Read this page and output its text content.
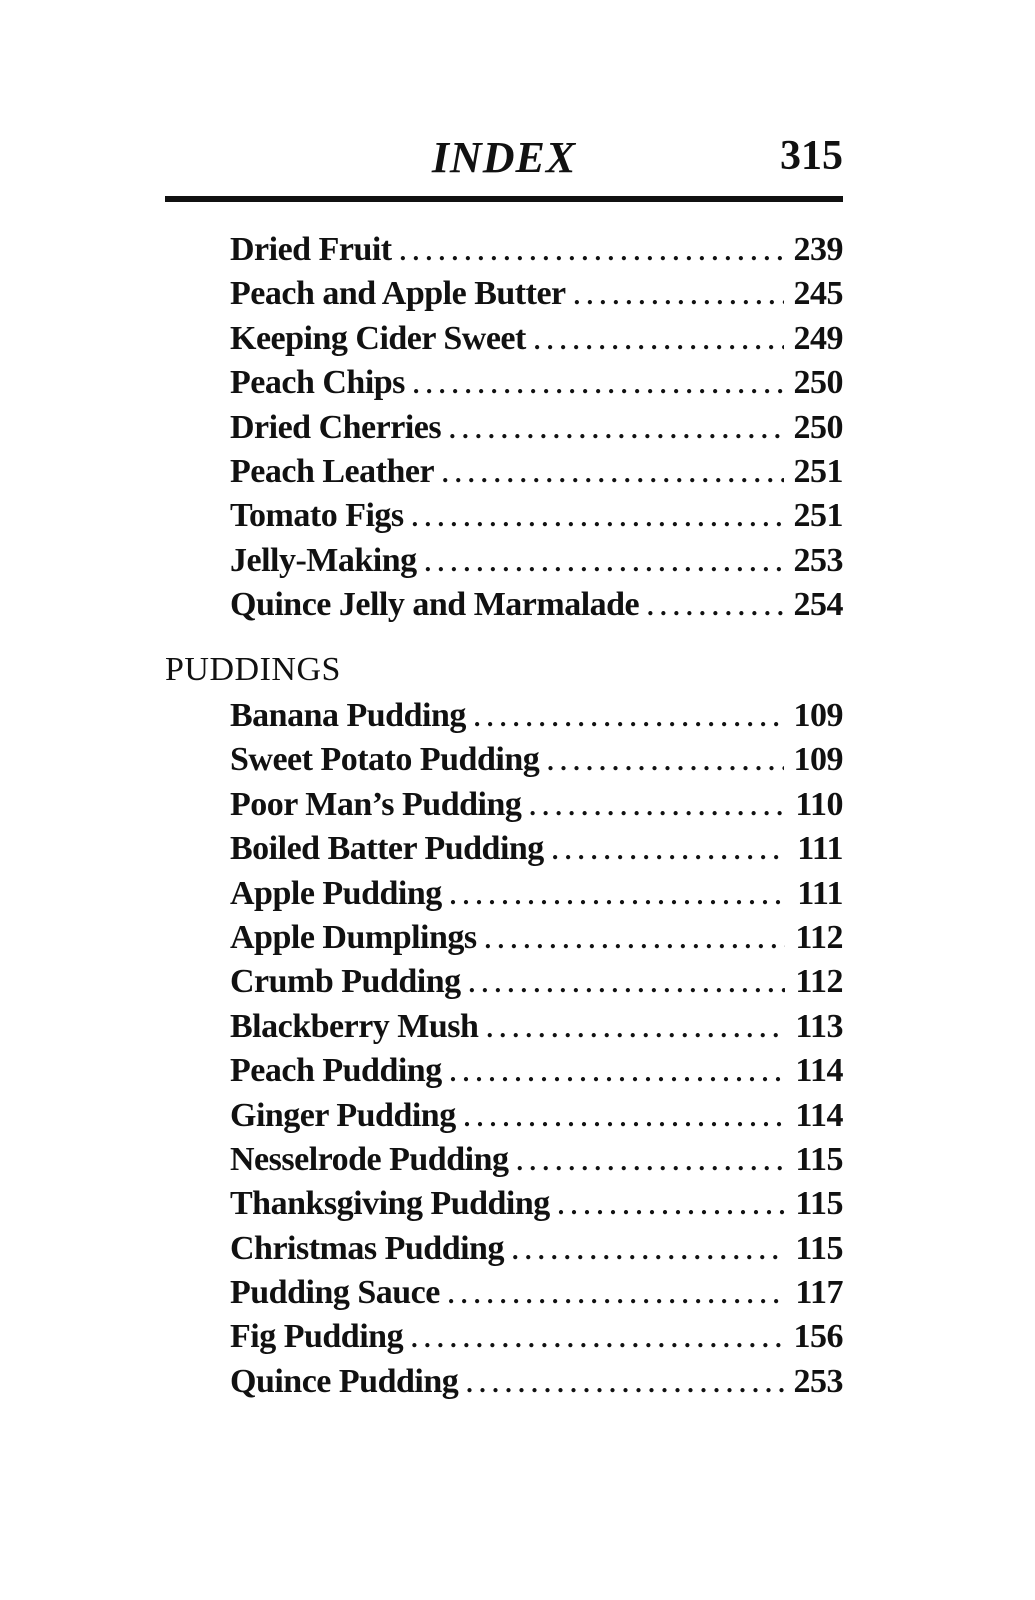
INDEX	315
Dried Fruit . . .	239
Peach and Apple Butter . . .	245
Keeping Cider Sweet . . .	249
Peach Chips . . .	250
Dried Cherries . . .	250
Peach Leather . . .	251
Tomato Figs . . .	251
Jelly-Making . . .	253
Quince Jelly and Marmalade . . .	254
PUDDINGS
Banana Pudding . . .	109
Sweet Potato Pudding . . .	109
Poor Man’s Pudding . . .	110
Boiled Batter Pudding . . .	111
Apple Pudding . . .	111
Apple Dumplings . . .	112
Crumb Pudding . . .	112
Blackberry Mush . . .	113
Peach Pudding . . .	114
Ginger Pudding . . .	114
Nesselrode Pudding . . .	115
Thanksgiving Pudding . . .	115
Christmas Pudding . . .	115
Pudding Sauce . . .	117
Fig Pudding . . .	156
Quince Pudding . . .	253
